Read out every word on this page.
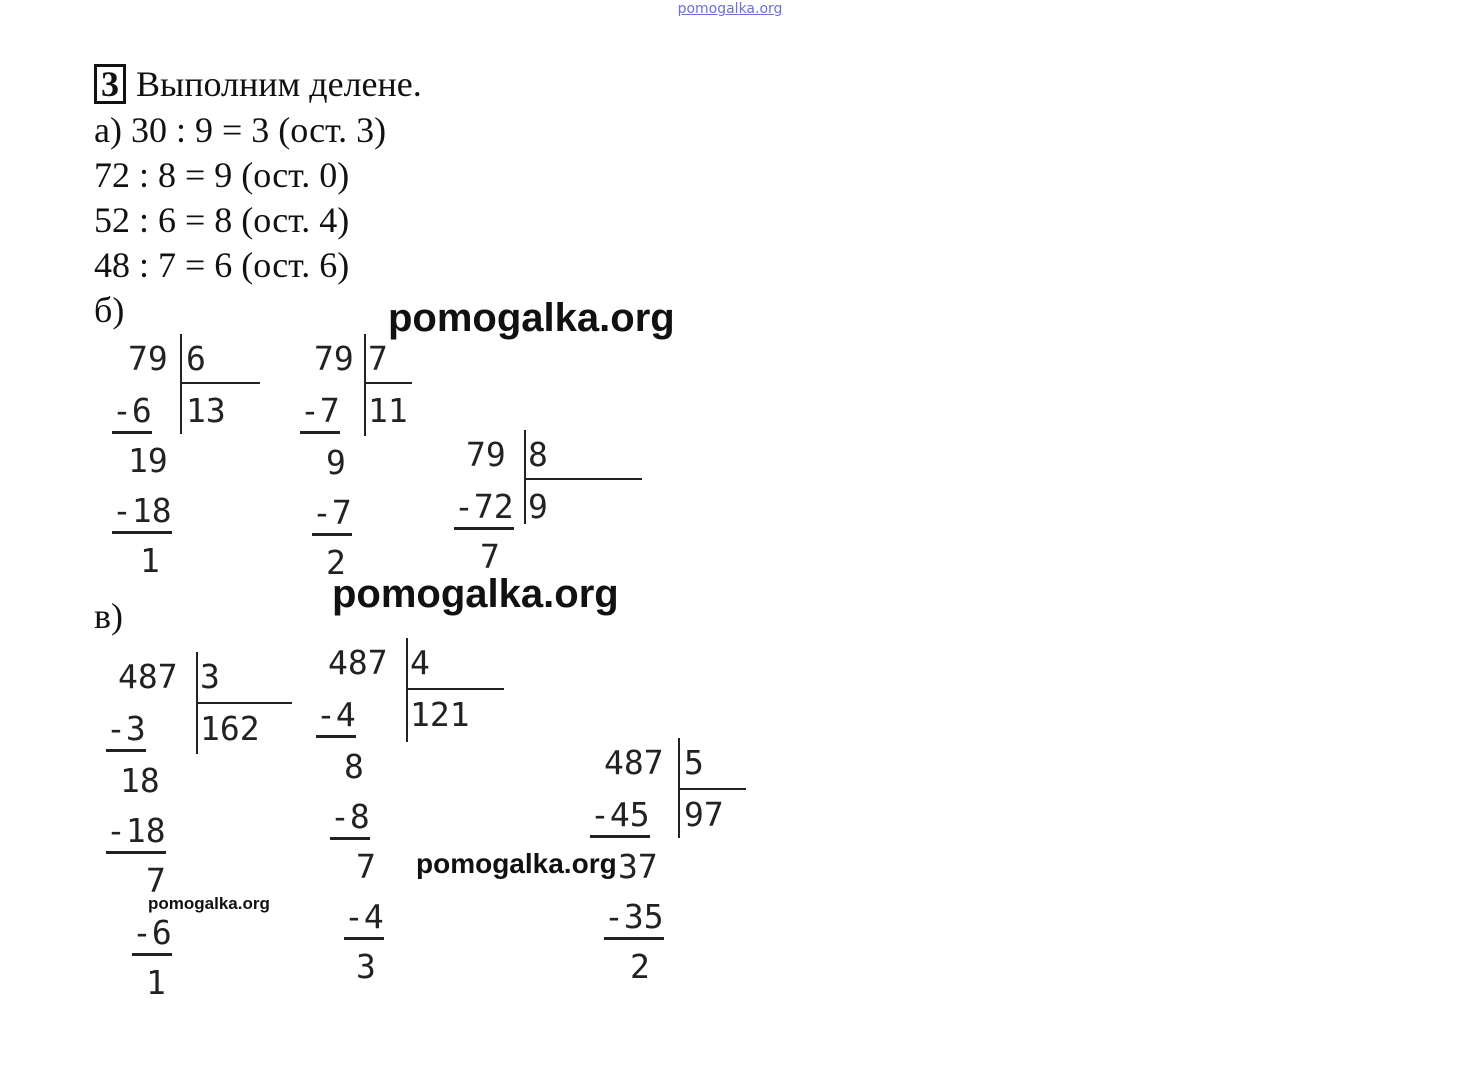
pomogalka.org
3 Выполним делене.
а) 30 : 9 = 3 (ост. 3)
72 : 8 = 9 (ост. 0)
52 : 6 = 8 (ост. 4)
48 : 7 = 6 (ост. 6)
б)
в)
pomogalka.org
pomogalka.org
pomogalka.org
pomogalka.org
79 6
13
-6
19
-18
1
79 7
11
-7
9
-7
2
79 8
9
-72
7
487 3
162
-3
18
-18
7
-6
1
487 4
121
-4
8
-8
7
-4
3
487 5
97
-45
37
-35
2
